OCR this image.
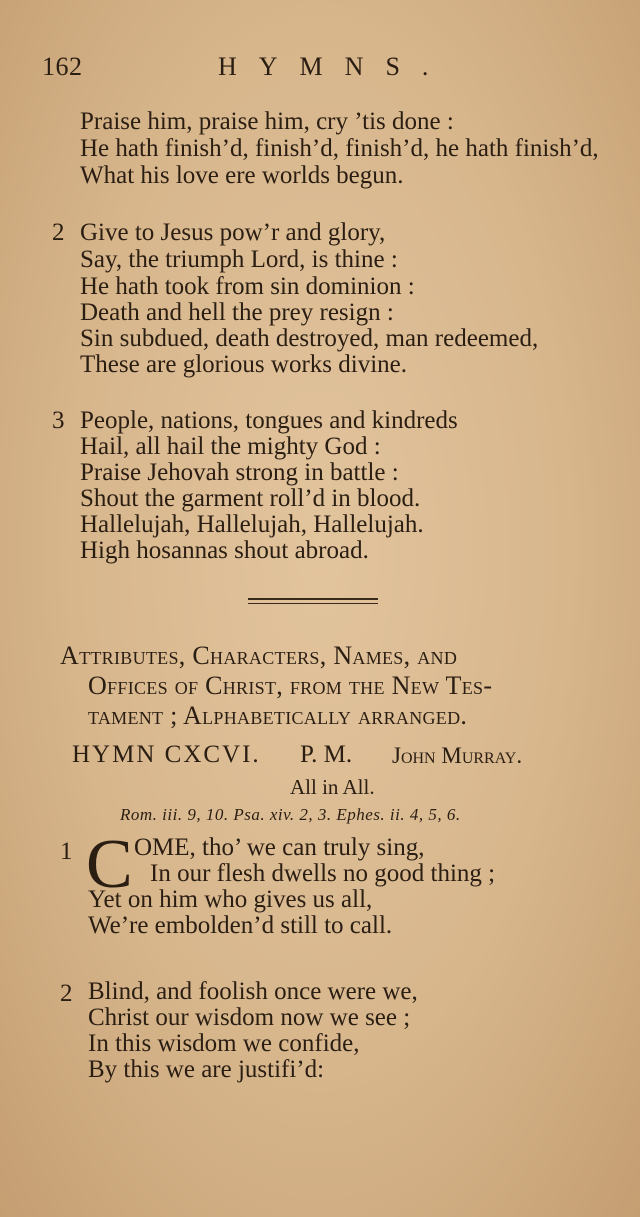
162	HYMNS.
Praise him, praise him, cry ’tis done :
He hath finish’d, finish’d, finish’d, he hath finish’d,
What his love ere worlds begun.
2 Give to Jesus pow’r and glory,
Say, the triumph Lord, is thine :
He hath took from sin dominion :
Death and hell the prey resign :
Sin subdued, death destroyed, man redeemed,
These are glorious works divine.
3 People, nations, tongues and kindreds
Hail, all hail the mighty God :
Praise Jehovah strong in battle :
Shout the garment roll’d in blood.
Hallelujah, Hallelujah, Hallelujah.
High hosannas shout abroad.
Attributes, Characters, Names, and
Offices of Christ, from the New Tes-
tament ; Alphabetically arranged.
HYMN CXCVI. P. M. John Murray.
All in All.
Rom. iii. 9, 10. Psa. xiv. 2, 3. Ephes. ii. 4, 5, 6.
1 C OME, tho’ we can truly sing,
In our flesh dwells no good thing ;
Yet on him who gives us all,
We’re embolden’d still to call.
2 Blind, and foolish once were we,
Christ our wisdom now we see ;
In this wisdom we confide,
By this we are justifi’d:
